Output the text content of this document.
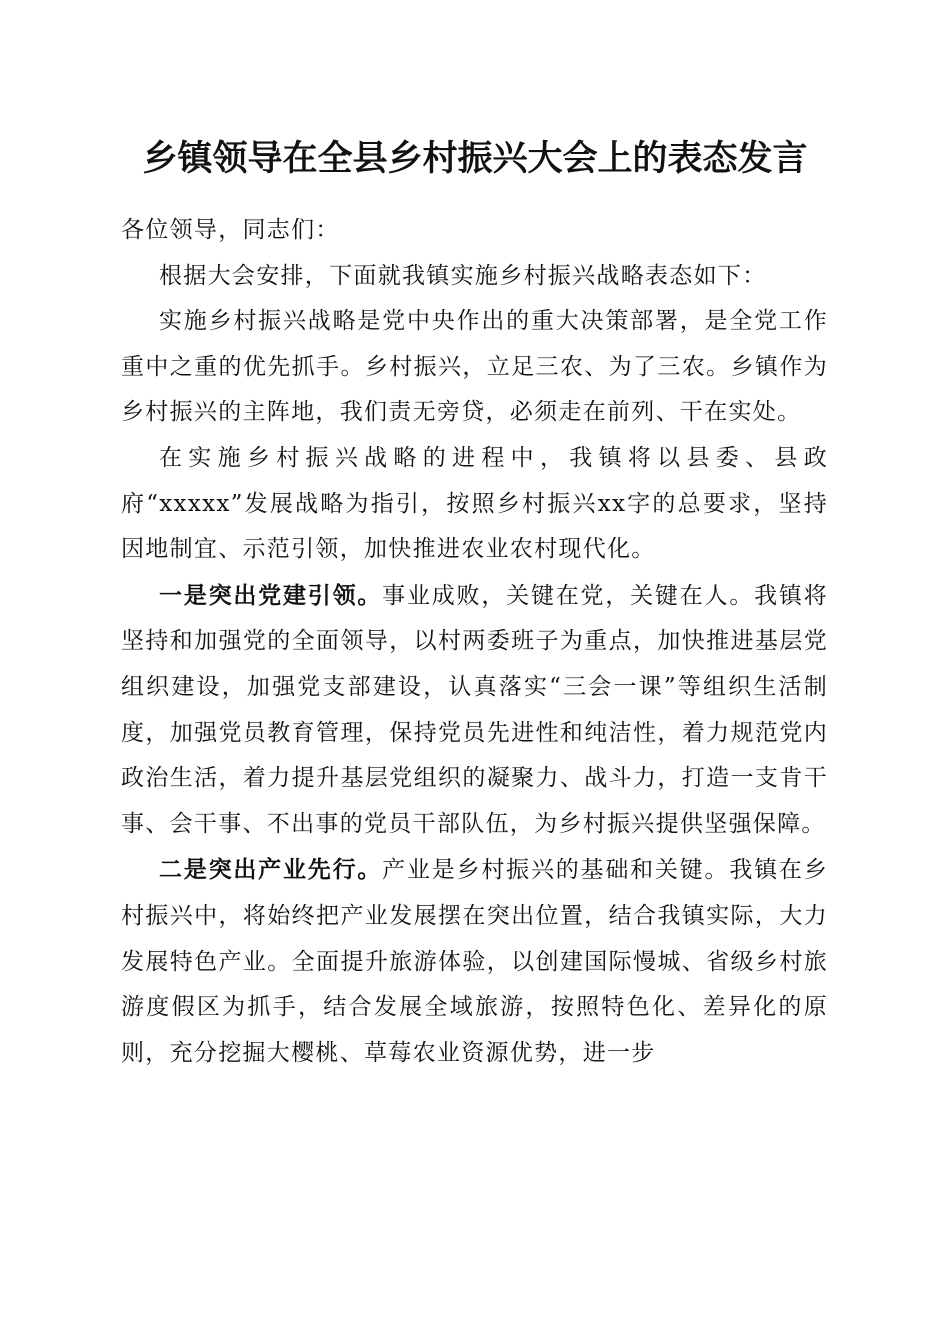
乡镇领导在全县乡村振兴大会上的表态发言

各位领导，同志们：

根据大会安排，下面就我镇实施乡村振兴战略表态如下：

实施乡村振兴战略是党中央作出的重大决策部署，是全党工作重中之重的优先抓手。乡村振兴，立足三农、为了三农。乡镇作为乡村振兴的主阵地，我们责无旁贷，必须走在前列、干在实处。

在实施乡村振兴战略的进程中，我镇将以县委、县政府“xxxxx”发展战略为指引，按照乡村振兴xx字的总要求，坚持因地制宜、示范引领，加快推进农业农村现代化。

一是突出党建引领。事业成败，关键在党，关键在人。我镇将坚持和加强党的全面领导，以村两委班子为重点，加快推进基层党组织建设，加强党支部建设，认真落实“三会一课”等组织生活制度，加强党员教育管理，保持党员先进性和纯洁性，着力规范党内政治生活，着力提升基层党组织的凝聚力、战斗力，打造一支肯干事、会干事、不出事的党员干部队伍，为乡村振兴提供坚强保障。

二是突出产业先行。产业是乡村振兴的基础和关键。我镇在乡村振兴中，将始终把产业发展摆在突出位置，结合我镇实际，大力发展特色产业。全面提升旅游体验，以创建国际慢城、省级乡村旅游度假区为抓手，结合发展全域旅游，按照特色化、差异化的原则，充分挖掘大樱桃、草莓农业资源优势，进一步
